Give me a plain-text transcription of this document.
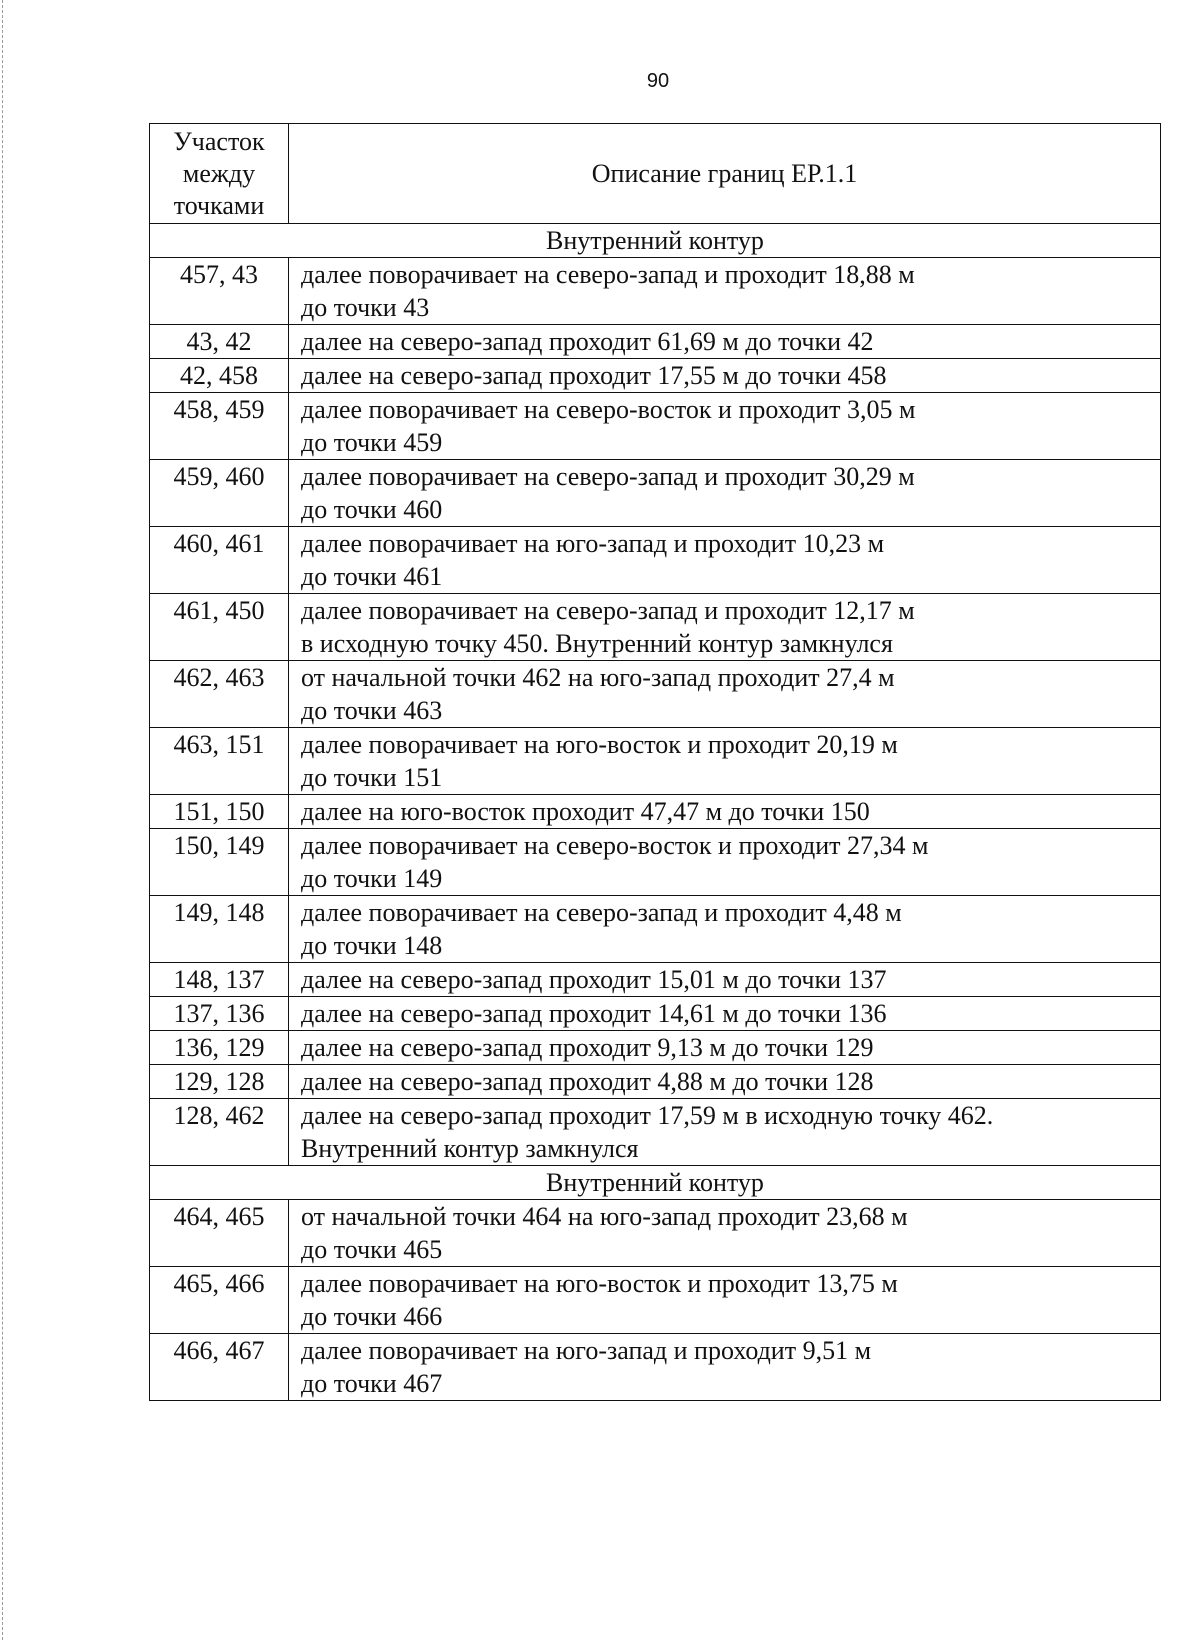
90
Участок
между
точками	Описание границ ЕР.1.1
Внутренний контур	
457, 43	далее поворачивает на северо-запад и проходит 18,88 м
до точки 43

43, 42	далее на северо-запад проходит 61,69 м до точки 42

42, 458	далее на северо-запад проходит 17,55 м до точки 458

458, 459	далее поворачивает на северо-восток и проходит 3,05 м
до точки 459

459, 460	далее поворачивает на северо-запад и проходит 30,29 м
до точки 460

460, 461	далее поворачивает на юго-запад и проходит 10,23 м
до точки 461

461, 450	далее поворачивает на северо-запад и проходит 12,17 м
в исходную точку 450. Внутренний контур замкнулся

462, 463	от начальной точки 462 на юго-запад проходит 27,4 м
до точки 463

463, 151	далее поворачивает на юго-восток и проходит 20,19 м
до точки 151

151, 150	далее на юго-восток проходит 47,47 м до точки 150

150, 149	далее поворачивает на северо-восток и проходит 27,34 м
до точки 149

149, 148	далее поворачивает на северо-запад и проходит 4,48 м
до точки 148

148, 137	далее на северо-запад проходит 15,01 м до точки 137

137, 136	далее на северо-запад проходит 14,61 м до точки 136

136, 129	далее на северо-запад проходит 9,13 м до точки 129

129, 128	далее на северо-запад проходит 4,88 м до точки 128

128, 462	далее на северо-запад проходит 17,59 м в исходную точку 462.
Внутренний контур замкнулся

Внутренний контур	
464, 465	от начальной точки 464 на юго-запад проходит 23,68 м
до точки 465

465, 466	далее поворачивает на юго-восток и проходит 13,75 м
до точки 466

466, 467	далее поворачивает на юго-запад и проходит 9,51 м
до точки 467
